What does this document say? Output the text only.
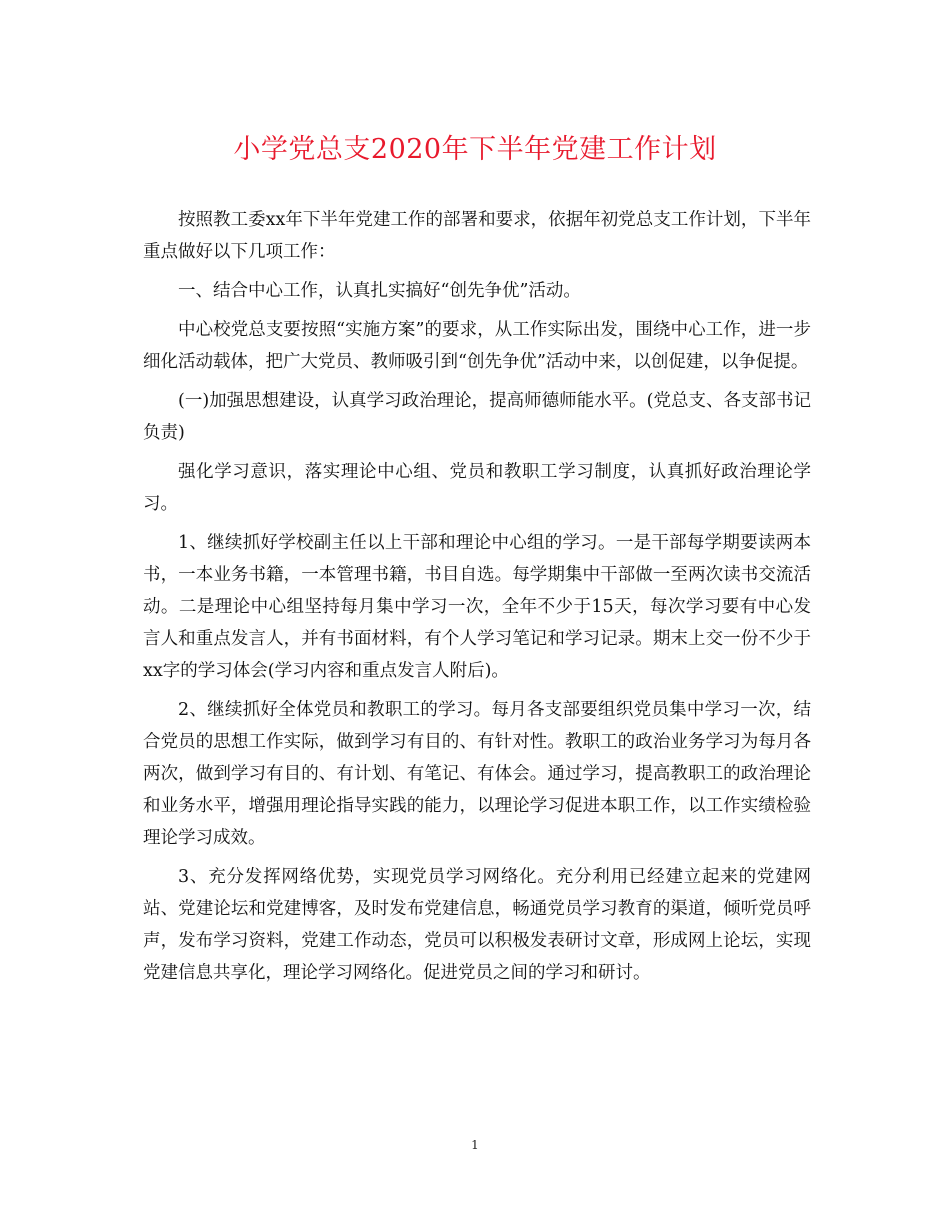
小学党总支2020年下半年党建工作计划

按照教工委xx年下半年党建工作的部署和要求，依据年初党总支工作计划，下半年重点做好以下几项工作：

一、结合中心工作，认真扎实搞好“创先争优”活动。

中心校党总支要按照“实施方案”的要求，从工作实际出发，围绕中心工作，进一步细化活动载体，把广大党员、教师吸引到“创先争优”活动中来，以创促建，以争促提。

(一)加强思想建设，认真学习政治理论，提高师德师能水平。(党总支、各支部书记负责)

强化学习意识，落实理论中心组、党员和教职工学习制度，认真抓好政治理论学习。

1、继续抓好学校副主任以上干部和理论中心组的学习。一是干部每学期要读两本书，一本业务书籍，一本管理书籍，书目自选。每学期集中干部做一至两次读书交流活动。二是理论中心组坚持每月集中学习一次，全年不少于15天，每次学习要有中心发言人和重点发言人，并有书面材料，有个人学习笔记和学习记录。期末上交一份不少于xx字的学习体会(学习内容和重点发言人附后)。

2、继续抓好全体党员和教职工的学习。每月各支部要组织党员集中学习一次，结合党员的思想工作实际，做到学习有目的、有针对性。教职工的政治业务学习为每月各两次，做到学习有目的、有计划、有笔记、有体会。通过学习，提高教职工的政治理论和业务水平，增强用理论指导实践的能力，以理论学习促进本职工作，以工作实绩检验理论学习成效。

3、充分发挥网络优势，实现党员学习网络化。充分利用已经建立起来的党建网站、党建论坛和党建博客，及时发布党建信息，畅通党员学习教育的渠道，倾听党员呼声，发布学习资料，党建工作动态，党员可以积极发表研讨文章，形成网上论坛，实现党建信息共享化，理论学习网络化。促进党员之间的学习和研讨。

1
